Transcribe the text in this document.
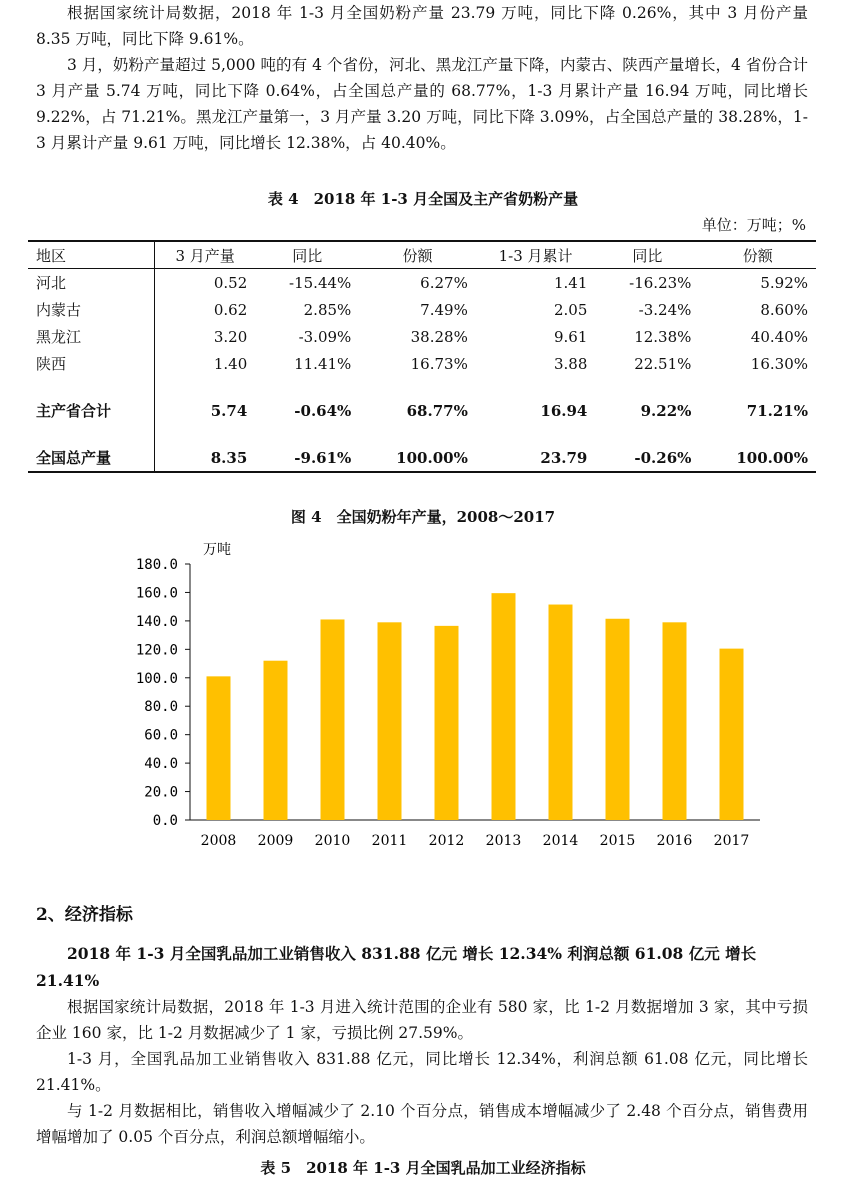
根据国家统计局数据，2018 年 1-3 月全国奶粉产量 23.79 万吨，同比下降 0.26%，其中 3 月份产量 8.35 万吨，同比下降 9.61%。

3 月，奶粉产量超过 5,000 吨的有 4 个省份，河北、黑龙江产量下降，内蒙古、陕西产量增长，4 省份合计 3 月产量 5.74 万吨，同比下降 0.64%，占全国总产量的 68.77%，1-3 月累计产量 16.94 万吨，同比增长 9.22%，占 71.21%。黑龙江产量第一，3 月产量 3.20 万吨，同比下降 3.09%，占全国总产量的 38.28%，1-3 月累计产量 9.61 万吨，同比增长 12.38%，占 40.40%。

表 4　2018 年 1-3 月全国及主产省奶粉产量
单位：万吨；%
地区	3 月产量	同比	份额	1-3 月累计	同比	份额
河北	0.52	-15.44%	6.27%	1.41	-16.23%	5.92%
内蒙古	0.62	2.85%	7.49%	2.05	-3.24%	8.60%
黑龙江	3.20	-3.09%	38.28%	9.61	12.38%	40.40%
陕西	1.40	11.41%	16.73%	3.88	22.51%	16.30%

主产省合计	5.74	-0.64%	68.77%	16.94	9.22%	71.21%

全国总产量	8.35	-9.61%	100.00%	23.79	-0.26%	100.00%
图 4　全国奶粉年产量，2008～2017
万吨
0.0
20.0
40.0
60.0
80.0
100.0
120.0
140.0
160.0
180.0
2008 2009 2010 2011 2012 2013 2014 2015 2016 2017
2、经济指标

2018 年 1-3 月全国乳品加工业销售收入 831.88 亿元 增长 12.34% 利润总额 61.08 亿元 增长 21.41%

根据国家统计局数据，2018 年 1-3 月进入统计范围的企业有 580 家，比 1-2 月数据增加 3 家，其中亏损企业 160 家，比 1-2 月数据减少了 1 家，亏损比例 27.59%。

1-3 月，全国乳品加工业销售收入 831.88 亿元，同比增长 12.34%，利润总额 61.08 亿元，同比增长 21.41%。

与 1-2 月数据相比，销售收入增幅减少了 2.10 个百分点，销售成本增幅减少了 2.48 个百分点，销售费用增幅增加了 0.05 个百分点，利润总额增幅缩小。

表 5　2018 年 1-3 月全国乳品加工业经济指标
